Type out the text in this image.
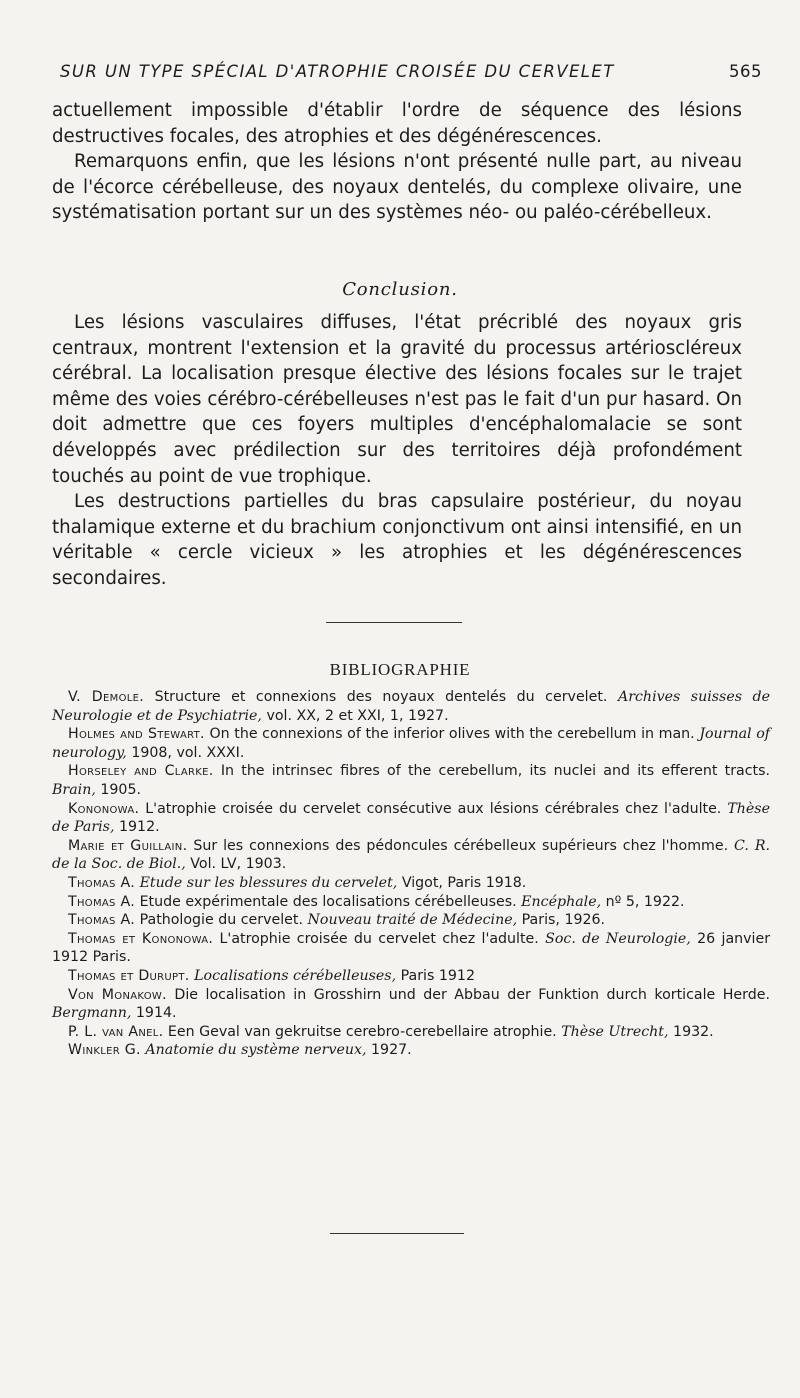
SUR UN TYPE SPÉCIAL D'ATROPHIE CROISÉE DU CERVELET	565

actuellement impossible d'établir l'ordre de séquence des lésions destructives focales, des atrophies et des dégénérescences.

Remarquons enfin, que les lésions n'ont présenté nulle part, au niveau de l'écorce cérébelleuse, des noyaux dentelés, du complexe olivaire, une systématisation portant sur un des systèmes néo- ou paléo-cérébelleux.

Conclusion.

Les lésions vasculaires diffuses, l'état précriblé des noyaux gris centraux, montrent l'extension et la gravité du processus artérioscléreux cérébral. La localisation presque élective des lésions focales sur le trajet même des voies cérébro-cérébelleuses n'est pas le fait d'un pur hasard. On doit admettre que ces foyers multiples d'encéphalomalacie se sont développés avec prédilection sur des territoires déjà profondément touchés au point de vue trophique.

Les destructions partielles du bras capsulaire postérieur, du noyau thalamique externe et du brachium conjonctivum ont ainsi intensifié, en un véritable « cercle vicieux » les atrophies et les dégénérescences secondaires.

BIBLIOGRAPHIE

V. Demole. Structure et connexions des noyaux dentelés du cervelet. Archives suisses de Neurologie et de Psychiatrie, vol. XX, 2 et XXI, 1, 1927.

Holmes and Stewart. On the connexions of the inferior olives with the cerebellum in man. Journal of neurology, 1908, vol. XXXI.

Horseley and Clarke. In the intrinsec fibres of the cerebellum, its nuclei and its efferent tracts. Brain, 1905.

Kononowa. L'atrophie croisée du cervelet consécutive aux lésions cérébrales chez l'adulte. Thèse de Paris, 1912.

Marie et Guillain. Sur les connexions des pédoncules cérébelleux supérieurs chez l'homme. C. R. de la Soc. de Biol., Vol. LV, 1903.

Thomas A. Etude sur les blessures du cervelet, Vigot, Paris 1918.

Thomas A. Etude expérimentale des localisations cérébelleuses. Encéphale, nº 5, 1922.

Thomas A. Pathologie du cervelet. Nouveau traité de Médecine, Paris, 1926.

Thomas et Kononowa. L'atrophie croisée du cervelet chez l'adulte. Soc. de Neurologie, 26 janvier 1912 Paris.

Thomas et Durupt. Localisations cérébelleuses, Paris 1912

Von Monakow. Die localisation in Grosshirn und der Abbau der Funktion durch korticale Herde. Bergmann, 1914.

P. L. van Anel. Een Geval van gekruitse cerebro-cerebellaire atrophie. Thèse Utrecht, 1932.

Winkler G. Anatomie du système nerveux, 1927.
